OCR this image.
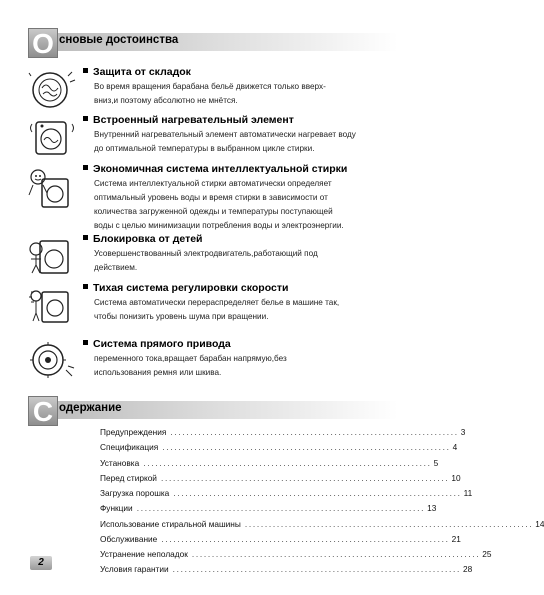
О сновые достоинства
Защита от складок
Во время вращения барабана бельё движется только вверх-
вниз,и поэтому абсолютно не мнётся.
Встроенный нагревательный элемент
Внутренний нагревательный элемент автоматически нагревает воду
до оптимальной температуры в выбранном цикле стирки.
Экономичная система интеллектуальной стирки
Система интеллектуальной стирки автоматически определяет
оптимальный уровень воды и время стирки в зависимости от
количества загруженной одежды и температуры поступающей
воды с целью минимизации потребления воды и электроэнергии.
Блокировка от детей
Усовершенствованный электродвигатель,работающий под
действием.
Тихая система регулировки скорости
Система автоматически перераспределяет белье в машине так,
чтобы понизить уровень шума при вращении.
Система прямого привода
переменного тока,вращает барабан напрямую,без
использования ремня или шкива.
С одержание
Предупреждения ........................................................................ 3
Спецификация ........................................................................ 4
Установка ........................................................................ 5
Перед стиркой ........................................................................ 10
Загрузка порошка ........................................................................ 11
Функции ........................................................................ 13
Использование стиральной машины ........................................................................ 14
Обслуживание ........................................................................ 21
Устранение неполадок ........................................................................ 25
Условия гарантии ........................................................................ 28
2
